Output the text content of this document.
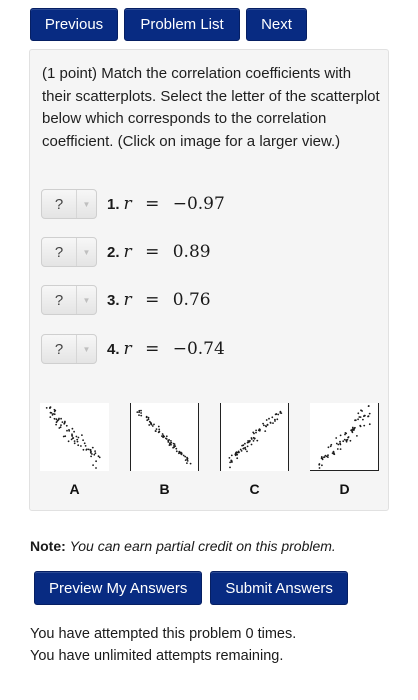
Previous	Problem List	Next
(1 point) Match the correlation coefficients with their scatterplots. Select the letter of the scatterplot below which corresponds to the correlation coefficient. (Click on image for a larger view.)
?	▼	1. r = −0.97
?	▼	2. r = 0.89
?	▼	3. r = 0.76
?	▼	4. r = −0.74
A	B	C	D
Note: You can earn partial credit on this problem.
Preview My Answers	Submit Answers
You have attempted this problem 0 times.
You have unlimited attempts remaining.
